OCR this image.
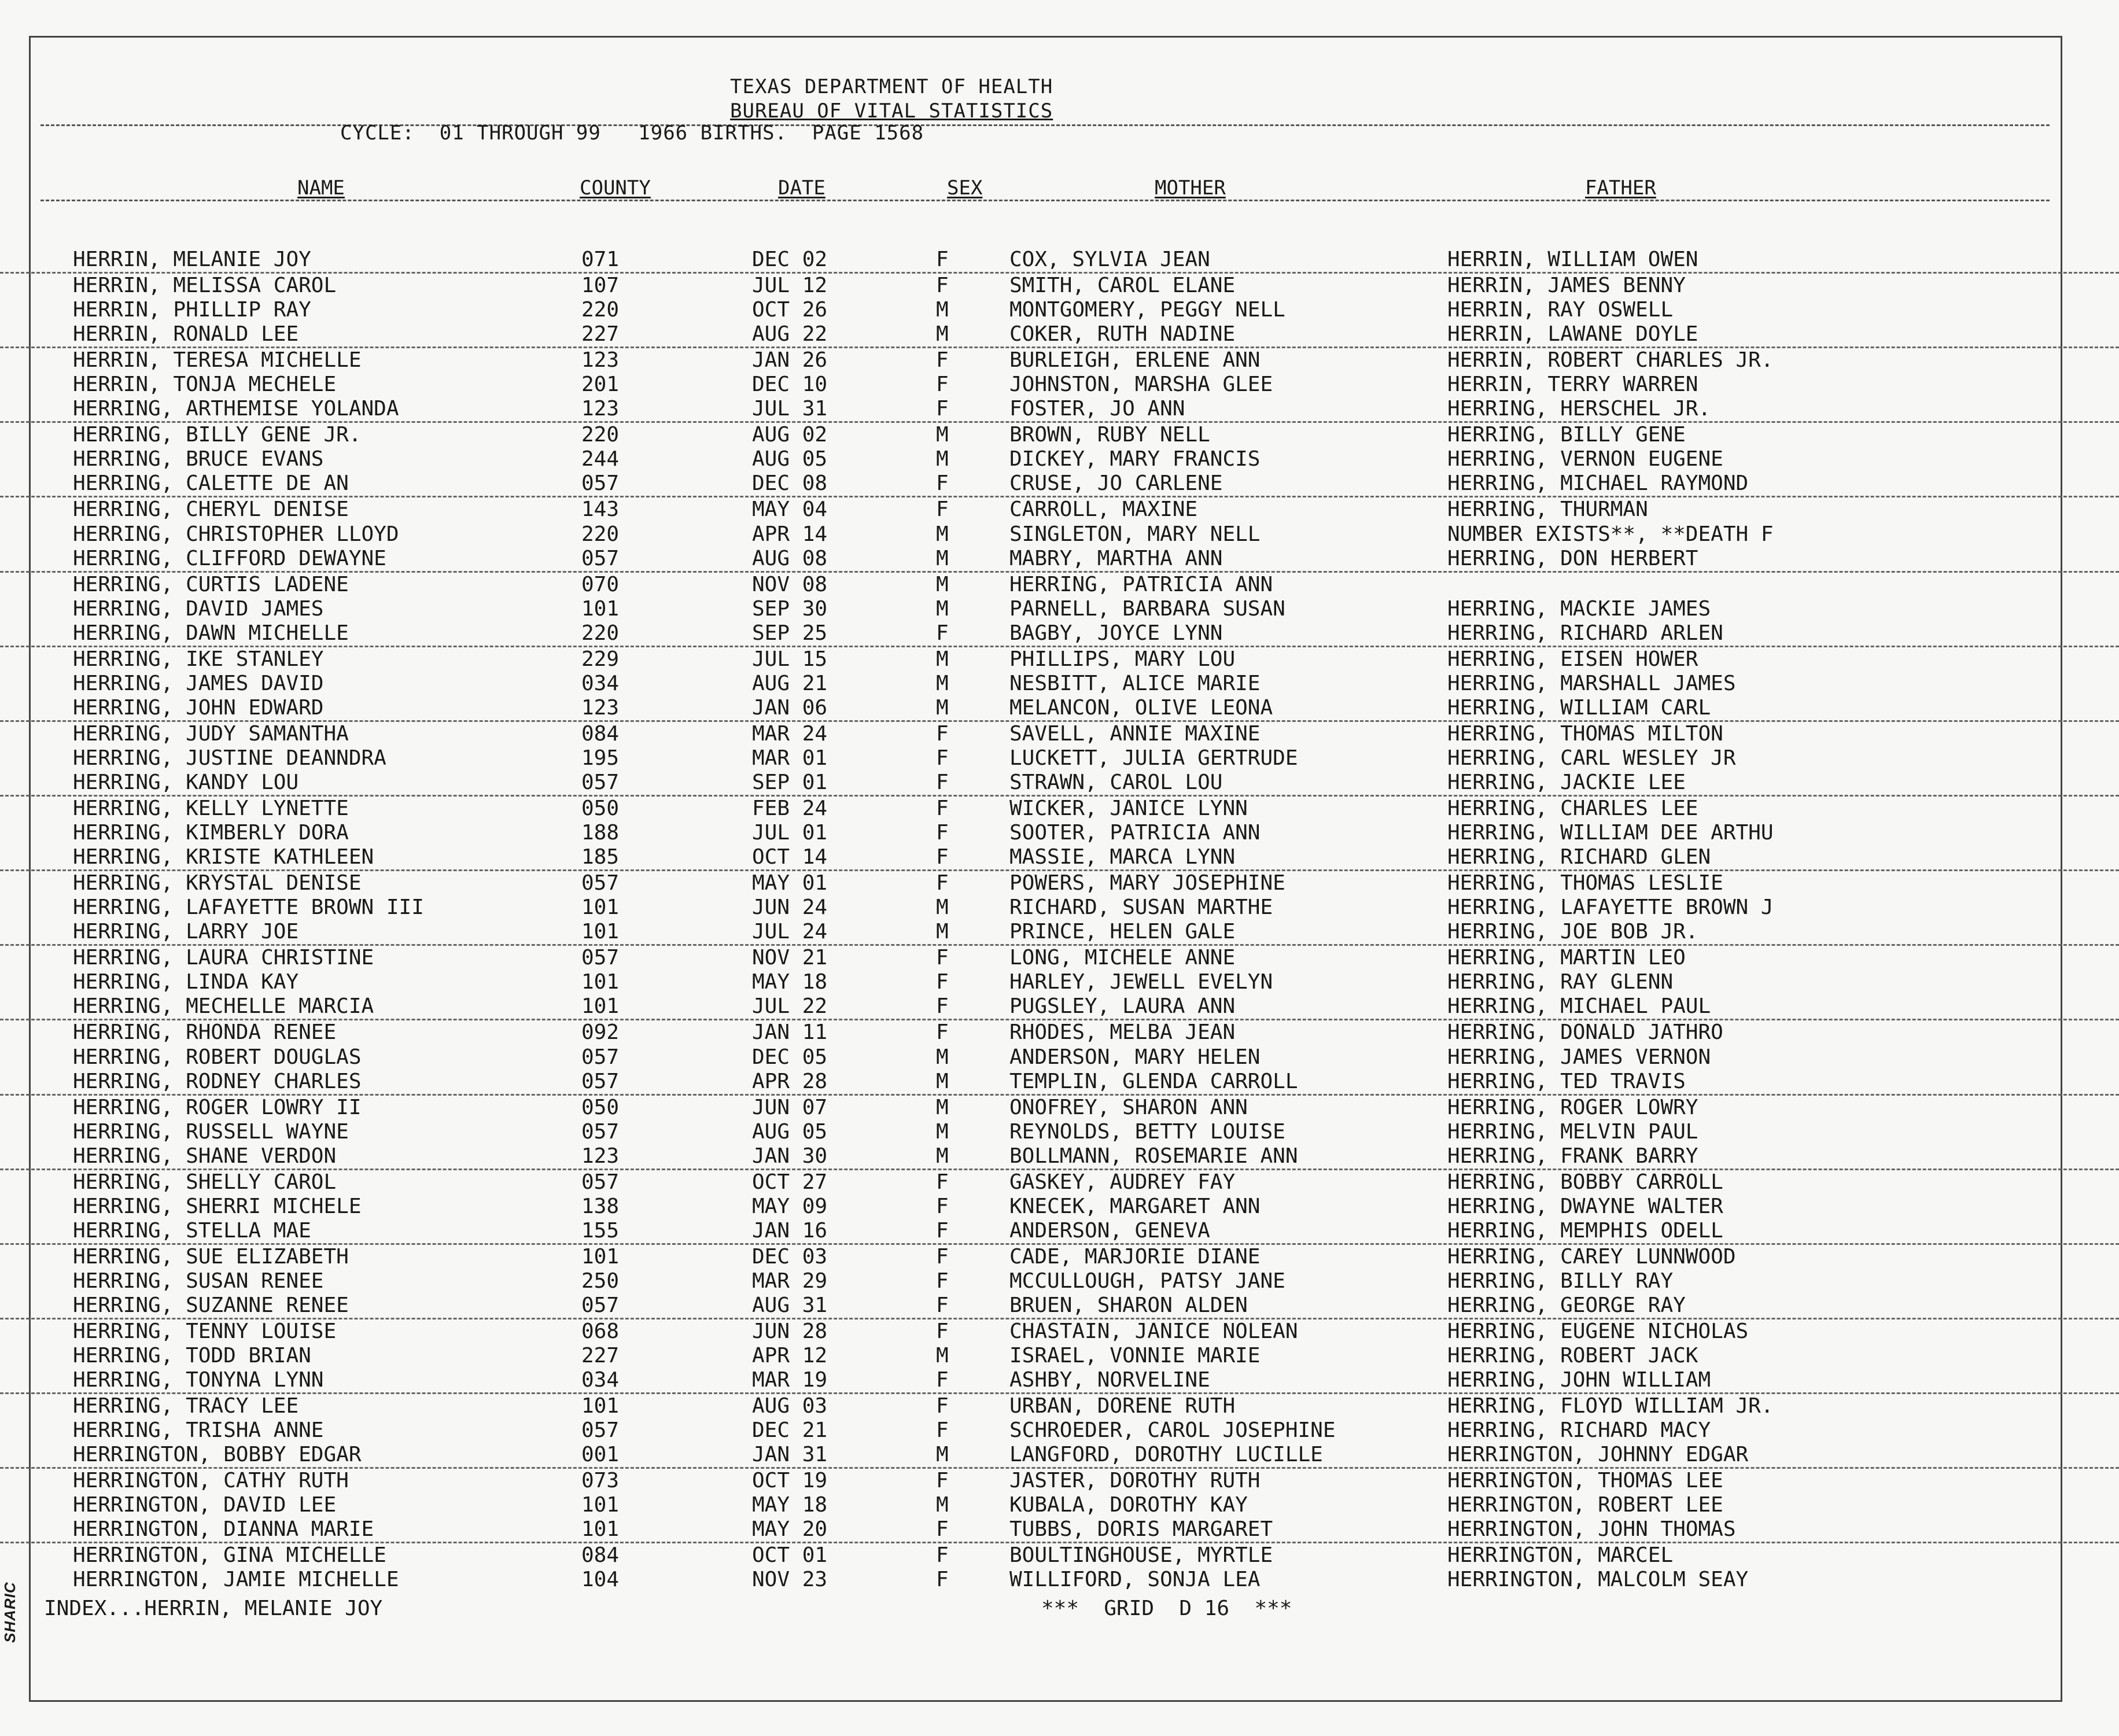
TEXAS DEPARTMENT OF HEALTH
BUREAU OF VITAL STATISTICS
CYCLE:  01 THROUGH 99   1966 BIRTHS.  PAGE 1568
NAME	COUNTY	DATE	SEX	MOTHER	FATHER
HERRIN, MELANIE JOY	071	DEC 02	F	COX, SYLVIA JEAN	HERRIN, WILLIAM OWEN
HERRIN, MELISSA CAROL	107	JUL 12	F	SMITH, CAROL ELANE	HERRIN, JAMES BENNY
HERRIN, PHILLIP RAY	220	OCT 26	M	MONTGOMERY, PEGGY NELL	HERRIN, RAY OSWELL
HERRIN, RONALD LEE	227	AUG 22	M	COKER, RUTH NADINE	HERRIN, LAWANE DOYLE
HERRIN, TERESA MICHELLE	123	JAN 26	F	BURLEIGH, ERLENE ANN	HERRIN, ROBERT CHARLES JR.
HERRIN, TONJA MECHELE	201	DEC 10	F	JOHNSTON, MARSHA GLEE	HERRIN, TERRY WARREN
HERRING, ARTHEMISE YOLANDA	123	JUL 31	F	FOSTER, JO ANN	HERRING, HERSCHEL JR.
HERRING, BILLY GENE JR.	220	AUG 02	M	BROWN, RUBY NELL	HERRING, BILLY GENE
HERRING, BRUCE EVANS	244	AUG 05	M	DICKEY, MARY FRANCIS	HERRING, VERNON EUGENE
HERRING, CALETTE DE AN	057	DEC 08	F	CRUSE, JO CARLENE	HERRING, MICHAEL RAYMOND
HERRING, CHERYL DENISE	143	MAY 04	F	CARROLL, MAXINE	HERRING, THURMAN
HERRING, CHRISTOPHER LLOYD	220	APR 14	M	SINGLETON, MARY NELL	NUMBER EXISTS**, **DEATH F
HERRING, CLIFFORD DEWAYNE	057	AUG 08	M	MABRY, MARTHA ANN	HERRING, DON HERBERT
HERRING, CURTIS LADENE	070	NOV 08	M	HERRING, PATRICIA ANN
HERRING, DAVID JAMES	101	SEP 30	M	PARNELL, BARBARA SUSAN	HERRING, MACKIE JAMES
HERRING, DAWN MICHELLE	220	SEP 25	F	BAGBY, JOYCE LYNN	HERRING, RICHARD ARLEN
HERRING, IKE STANLEY	229	JUL 15	M	PHILLIPS, MARY LOU	HERRING, EISEN HOWER
HERRING, JAMES DAVID	034	AUG 21	M	NESBITT, ALICE MARIE	HERRING, MARSHALL JAMES
HERRING, JOHN EDWARD	123	JAN 06	M	MELANCON, OLIVE LEONA	HERRING, WILLIAM CARL
HERRING, JUDY SAMANTHA	084	MAR 24	F	SAVELL, ANNIE MAXINE	HERRING, THOMAS MILTON
HERRING, JUSTINE DEANNDRA	195	MAR 01	F	LUCKETT, JULIA GERTRUDE	HERRING, CARL WESLEY JR
HERRING, KANDY LOU	057	SEP 01	F	STRAWN, CAROL LOU	HERRING, JACKIE LEE
HERRING, KELLY LYNETTE	050	FEB 24	F	WICKER, JANICE LYNN	HERRING, CHARLES LEE
HERRING, KIMBERLY DORA	188	JUL 01	F	SOOTER, PATRICIA ANN	HERRING, WILLIAM DEE ARTHU
HERRING, KRISTE KATHLEEN	185	OCT 14	F	MASSIE, MARCA LYNN	HERRING, RICHARD GLEN
HERRING, KRYSTAL DENISE	057	MAY 01	F	POWERS, MARY JOSEPHINE	HERRING, THOMAS LESLIE
HERRING, LAFAYETTE BROWN III	101	JUN 24	M	RICHARD, SUSAN MARTHE	HERRING, LAFAYETTE BROWN J
HERRING, LARRY JOE	101	JUL 24	M	PRINCE, HELEN GALE	HERRING, JOE BOB JR.
HERRING, LAURA CHRISTINE	057	NOV 21	F	LONG, MICHELE ANNE	HERRING, MARTIN LEO
HERRING, LINDA KAY	101	MAY 18	F	HARLEY, JEWELL EVELYN	HERRING, RAY GLENN
HERRING, MECHELLE MARCIA	101	JUL 22	F	PUGSLEY, LAURA ANN	HERRING, MICHAEL PAUL
HERRING, RHONDA RENEE	092	JAN 11	F	RHODES, MELBA JEAN	HERRING, DONALD JATHRO
HERRING, ROBERT DOUGLAS	057	DEC 05	M	ANDERSON, MARY HELEN	HERRING, JAMES VERNON
HERRING, RODNEY CHARLES	057	APR 28	M	TEMPLIN, GLENDA CARROLL	HERRING, TED TRAVIS
HERRING, ROGER LOWRY II	050	JUN 07	M	ONOFREY, SHARON ANN	HERRING, ROGER LOWRY
HERRING, RUSSELL WAYNE	057	AUG 05	M	REYNOLDS, BETTY LOUISE	HERRING, MELVIN PAUL
HERRING, SHANE VERDON	123	JAN 30	M	BOLLMANN, ROSEMARIE ANN	HERRING, FRANK BARRY
HERRING, SHELLY CAROL	057	OCT 27	F	GASKEY, AUDREY FAY	HERRING, BOBBY CARROLL
HERRING, SHERRI MICHELE	138	MAY 09	F	KNECEK, MARGARET ANN	HERRING, DWAYNE WALTER
HERRING, STELLA MAE	155	JAN 16	F	ANDERSON, GENEVA	HERRING, MEMPHIS ODELL
HERRING, SUE ELIZABETH	101	DEC 03	F	CADE, MARJORIE DIANE	HERRING, CAREY LUNNWOOD
HERRING, SUSAN RENEE	250	MAR 29	F	MCCULLOUGH, PATSY JANE	HERRING, BILLY RAY
HERRING, SUZANNE RENEE	057	AUG 31	F	BRUEN, SHARON ALDEN	HERRING, GEORGE RAY
HERRING, TENNY LOUISE	068	JUN 28	F	CHASTAIN, JANICE NOLEAN	HERRING, EUGENE NICHOLAS
HERRING, TODD BRIAN	227	APR 12	M	ISRAEL, VONNIE MARIE	HERRING, ROBERT JACK
HERRING, TONYNA LYNN	034	MAR 19	F	ASHBY, NORVELINE	HERRING, JOHN WILLIAM
HERRING, TRACY LEE	101	AUG 03	F	URBAN, DORENE RUTH	HERRING, FLOYD WILLIAM JR.
HERRING, TRISHA ANNE	057	DEC 21	F	SCHROEDER, CAROL JOSEPHINE	HERRING, RICHARD MACY
HERRINGTON, BOBBY EDGAR	001	JAN 31	M	LANGFORD, DOROTHY LUCILLE	HERRINGTON, JOHNNY EDGAR
HERRINGTON, CATHY RUTH	073	OCT 19	F	JASTER, DOROTHY RUTH	HERRINGTON, THOMAS LEE
HERRINGTON, DAVID LEE	101	MAY 18	M	KUBALA, DOROTHY KAY	HERRINGTON, ROBERT LEE
HERRINGTON, DIANNA MARIE	101	MAY 20	F	TUBBS, DORIS MARGARET	HERRINGTON, JOHN THOMAS
HERRINGTON, GINA MICHELLE	084	OCT 01	F	BOULTINGHOUSE, MYRTLE	HERRINGTON, MARCEL
HERRINGTON, JAMIE MICHELLE	104	NOV 23	F	WILLIFORD, SONJA LEA	HERRINGTON, MALCOLM SEAY
INDEX...HERRIN, MELANIE JOY	***  GRID  D 16  ***
SHARIC
